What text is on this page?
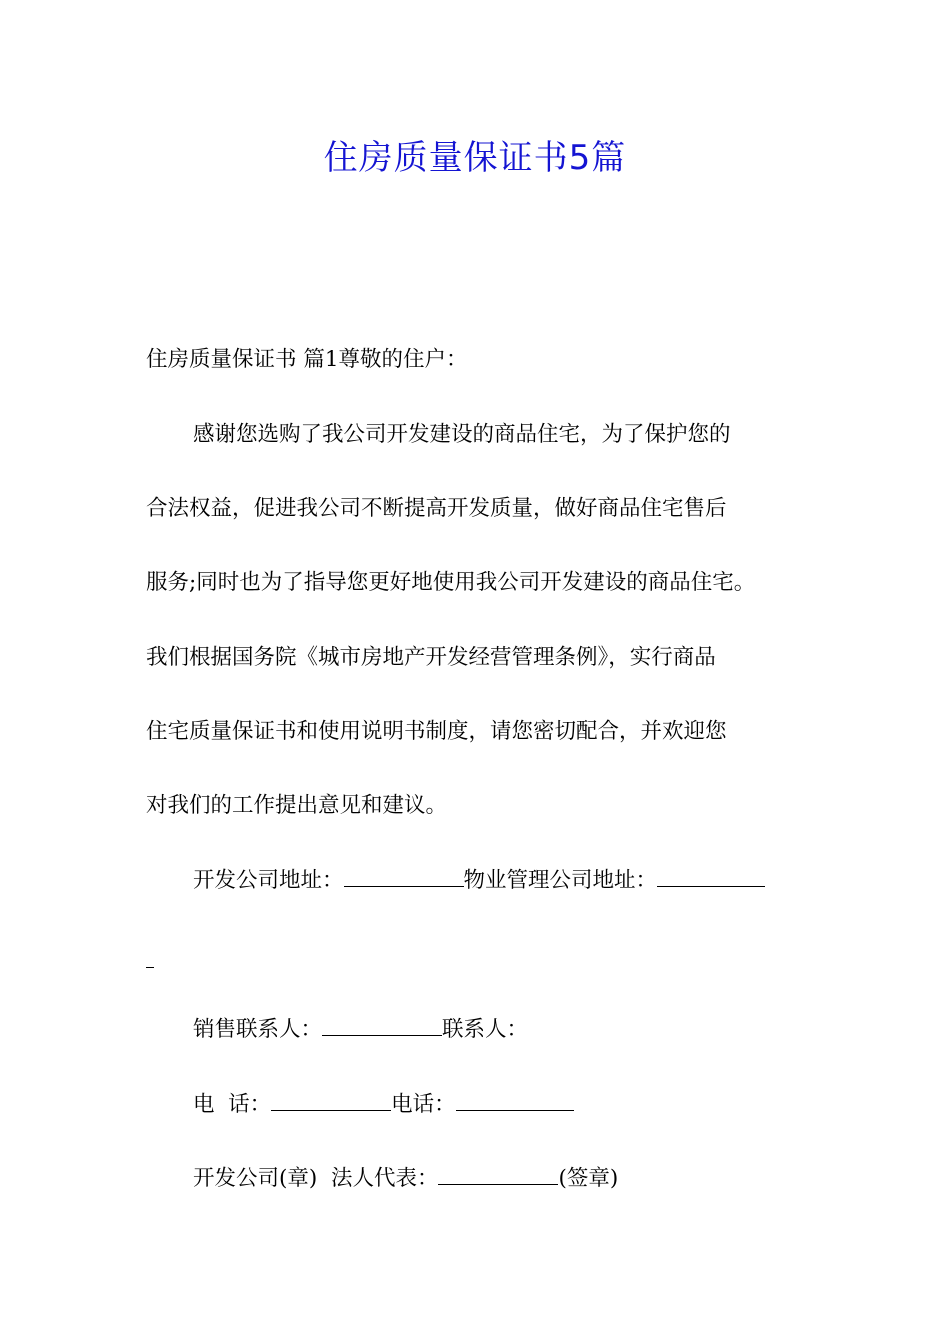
住房质量保证书5篇

住房质量保证书 篇1尊敬的住户：

感谢您选购了我公司开发建设的商品住宅，为了保护您的

合法权益，促进我公司不断提高开发质量，做好商品住宅售后

服务;同时也为了指导您更好地使用我公司开发建设的商品住宅。

我们根据国务院《城市房地产开发经营管理条例》，实行商品

住宅质量保证书和使用说明书制度，请您密切配合，并欢迎您

对我们的工作提出意见和建议。

开发公司地址：	物业管理公司地址：

销售联系人：	联系人：

电  话：	电话：

开发公司(章)  法人代表：	(签章)
